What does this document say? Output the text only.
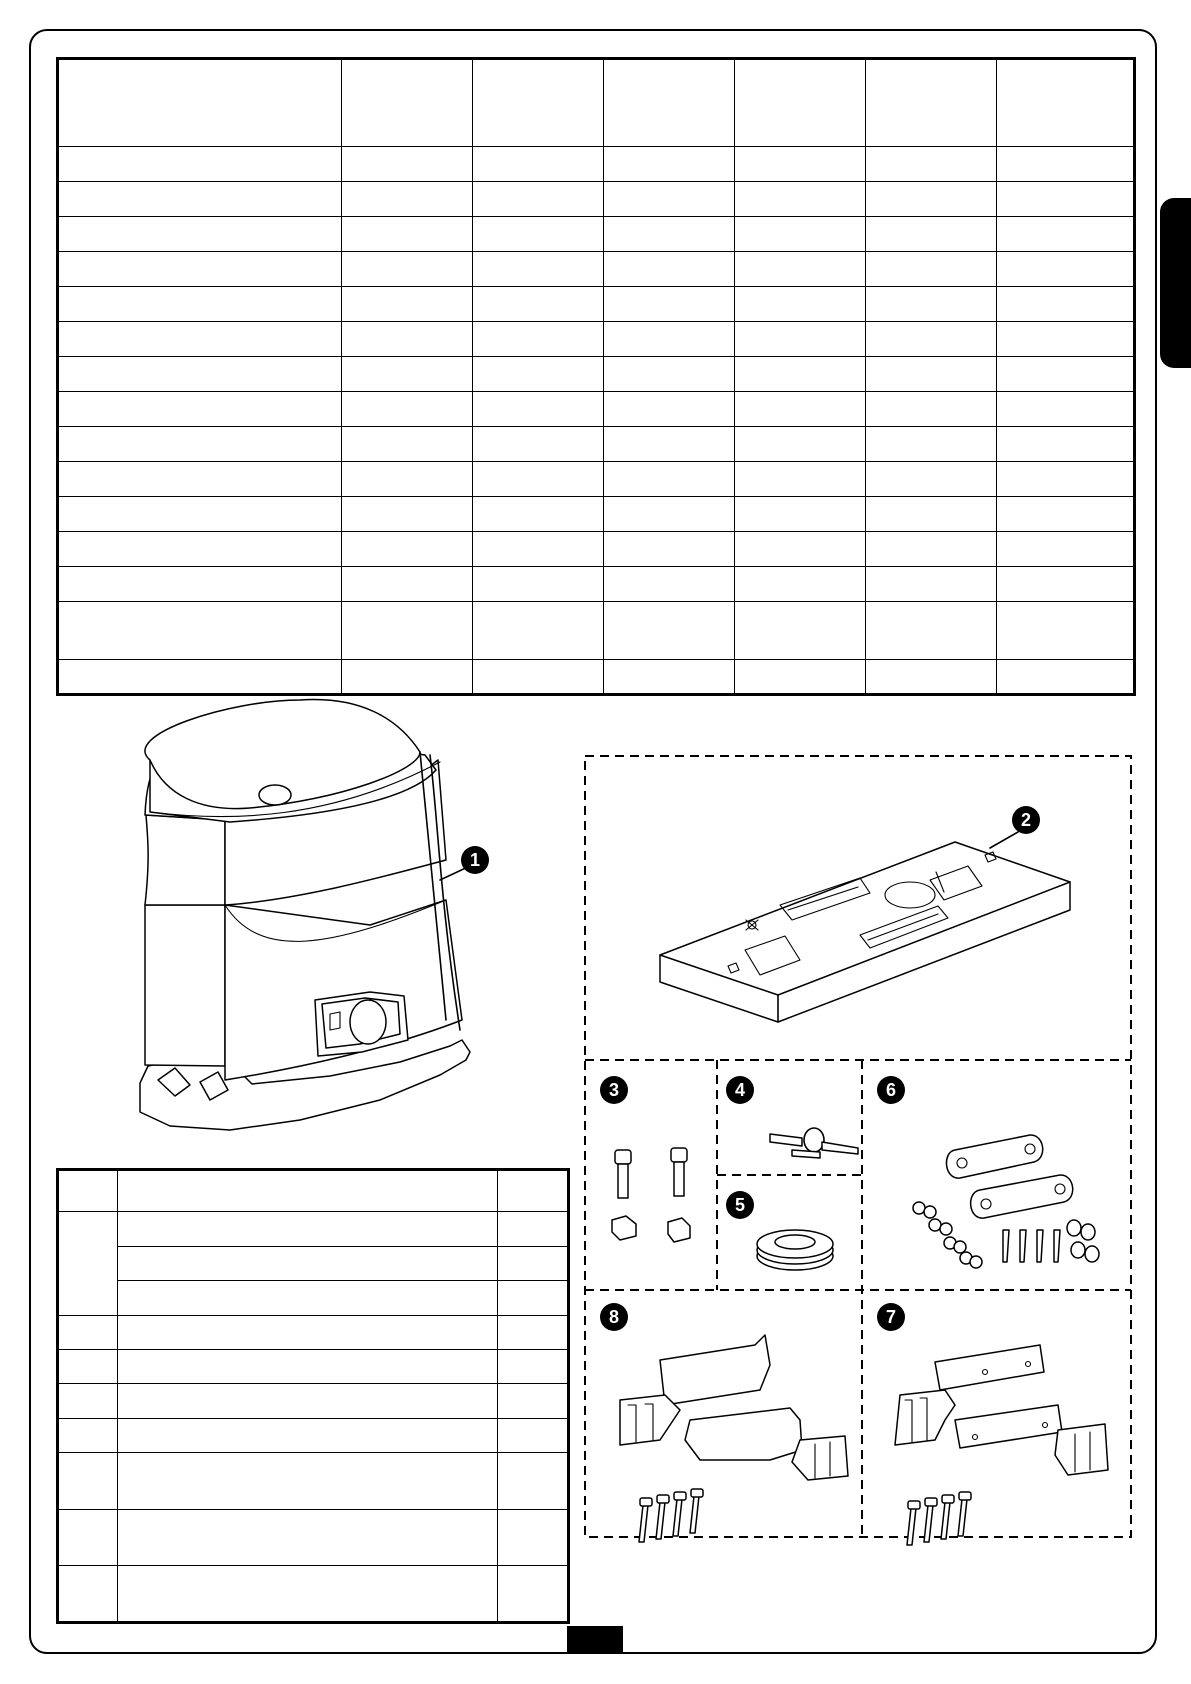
1
2
3	4
5
6
8	7
